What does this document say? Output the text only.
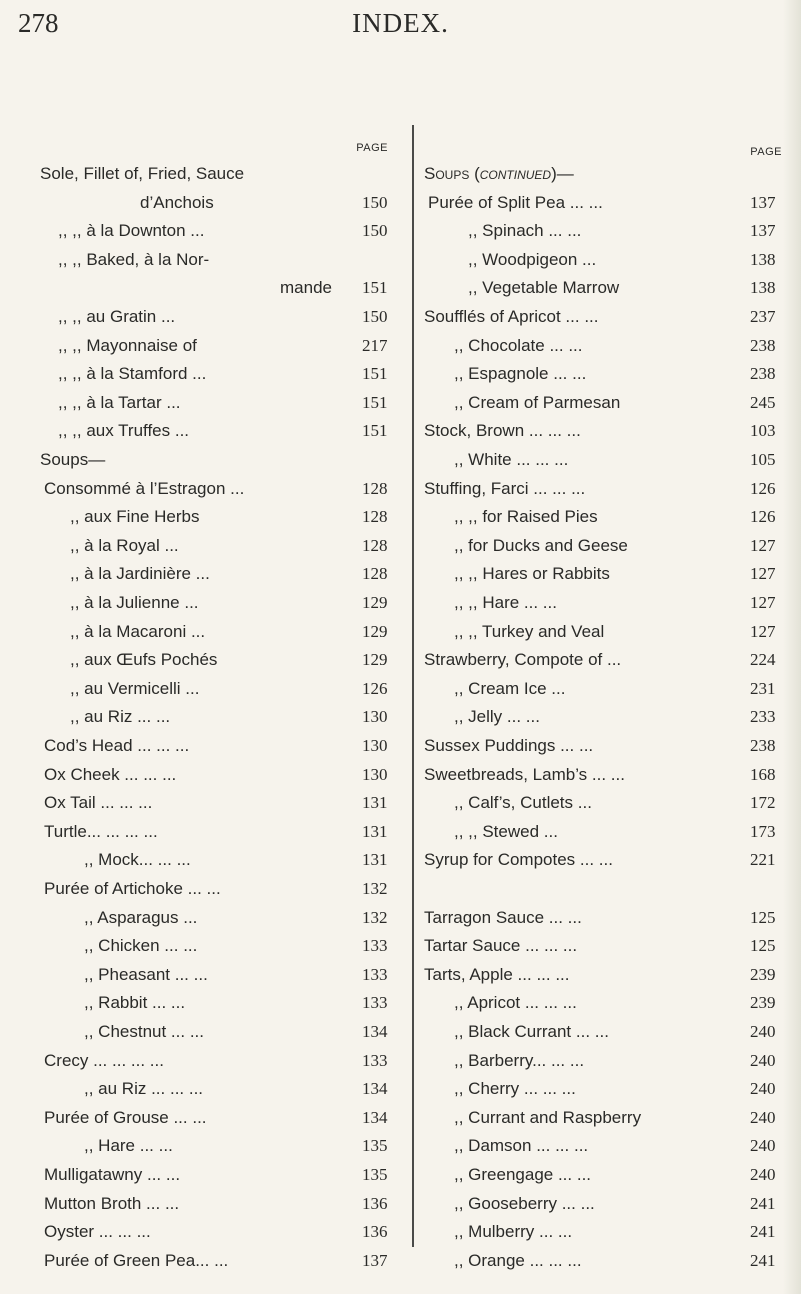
278	INDEX.
PAGE
Sole, Fillet of, Fried, Sauce
d’Anchois	150
,, ,, à la Downton ...	150
,, ,, Baked, à la Nor-
mande 151
,, ,, au Gratin ...	150
,, ,, Mayonnaise of	217
,, ,, à la Stamford ...	151
,, ,, à la Tartar ...	151
,, ,, aux Truffes ...	151
Soups—
Consommé à l’Estragon ...	128
,, aux Fine Herbs	128
,, à la Royal ...	128
,, à la Jardinière ...	128
,, à la Julienne ...	129
,, à la Macaroni ...	129
,, aux Œufs Pochés	129
,, au Vermicelli ...	126
,, au Riz ... ...	130
Cod’s Head ... ... ...	130
Ox Cheek ... ... ...	130
Ox Tail ... ... ...	131
Turtle... ... ... ...	131
,, Mock... ... ...	131
Purée of Artichoke ... ...	132
,, Asparagus ...	132
,, Chicken ... ...	133
,, Pheasant ... ...	133
,, Rabbit ... ...	133
,, Chestnut ... ...	134
Crecy ... ... ... ...	133
,, au Riz ... ... ...	134
Purée of Grouse ... ...	134
,, Hare ... ...	135
Mulligatawny ... ...	135
Mutton Broth ... ...	136
Oyster ... ... ...	136
Purée of Green Pea... ...	137
PAGE
Soups (continued)—
Purée of Split Pea ... ...	137
,, Spinach ... ...	137
,, Woodpigeon ...	138
,, Vegetable Marrow	138
Soufflés of Apricot ... ...	237
,, Chocolate ... ...	238
,, Espagnole ... ...	238
,, Cream of Parmesan	245
Stock, Brown ... ... ...	103
,, White ... ... ...	105
Stuffing, Farci ... ... ...	126
,, ,, for Raised Pies	126
,, for Ducks and Geese	127
,, ,, Hares or Rabbits	127
,, ,, Hare ... ...	127
,, ,, Turkey and Veal	127
Strawberry, Compote of ...	224
,, Cream Ice ...	231
,, Jelly ... ...	233
Sussex Puddings ... ...	238
Sweetbreads, Lamb’s ... ...	168
,, Calf’s, Cutlets ...	172
,, ,, Stewed ...	173
Syrup for Compotes ... ...	221
Tarragon Sauce ... ...	125
Tartar Sauce ... ... ...	125
Tarts, Apple ... ... ...	239
,, Apricot ... ... ...	239
,, Black Currant ... ...	240
,, Barberry... ... ...	240
,, Cherry ... ... ...	240
,, Currant and Raspberry	240
,, Damson ... ... ...	240
,, Greengage ... ...	240
,, Gooseberry ... ...	241
,, Mulberry ... ...	241
,, Orange ... ... ...	241
